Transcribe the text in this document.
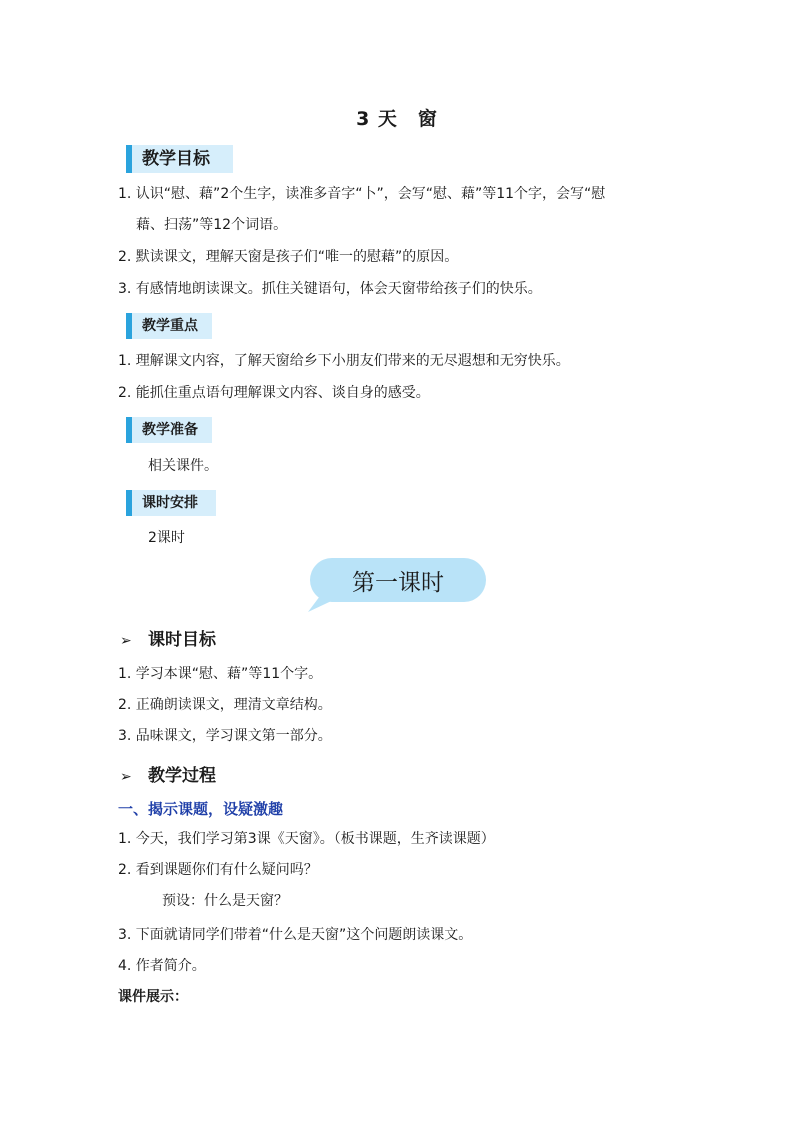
3 天　窗
教学目标
1. 认识“慰、藉”2个生字，读准多音字“卜”，会写“慰、藉”等11个字，会写“慰
藉、扫荡”等12个词语。
2. 默读课文，理解天窗是孩子们“唯一的慰藉”的原因。
3. 有感情地朗读课文。抓住关键语句，体会天窗带给孩子们的快乐。
教学重点
1. 理解课文内容，了解天窗给乡下小朋友们带来的无尽遐想和无穷快乐。
2. 能抓住重点语句理解课文内容、谈自身的感受。
教学准备
相关课件。
课时安排
2课时
第一课时
➢ 课时目标
1. 学习本课“慰、藉”等11个字。
2. 正确朗读课文，理清文章结构。
3. 品味课文，学习课文第一部分。
➢ 教学过程
一、揭示课题，设疑激趣
1. 今天，我们学习第3课《天窗》。（板书课题，生齐读课题）
2. 看到课题你们有什么疑问吗？
预设：什么是天窗？
3. 下面就请同学们带着“什么是天窗”这个问题朗读课文。
4. 作者简介。
课件展示：
